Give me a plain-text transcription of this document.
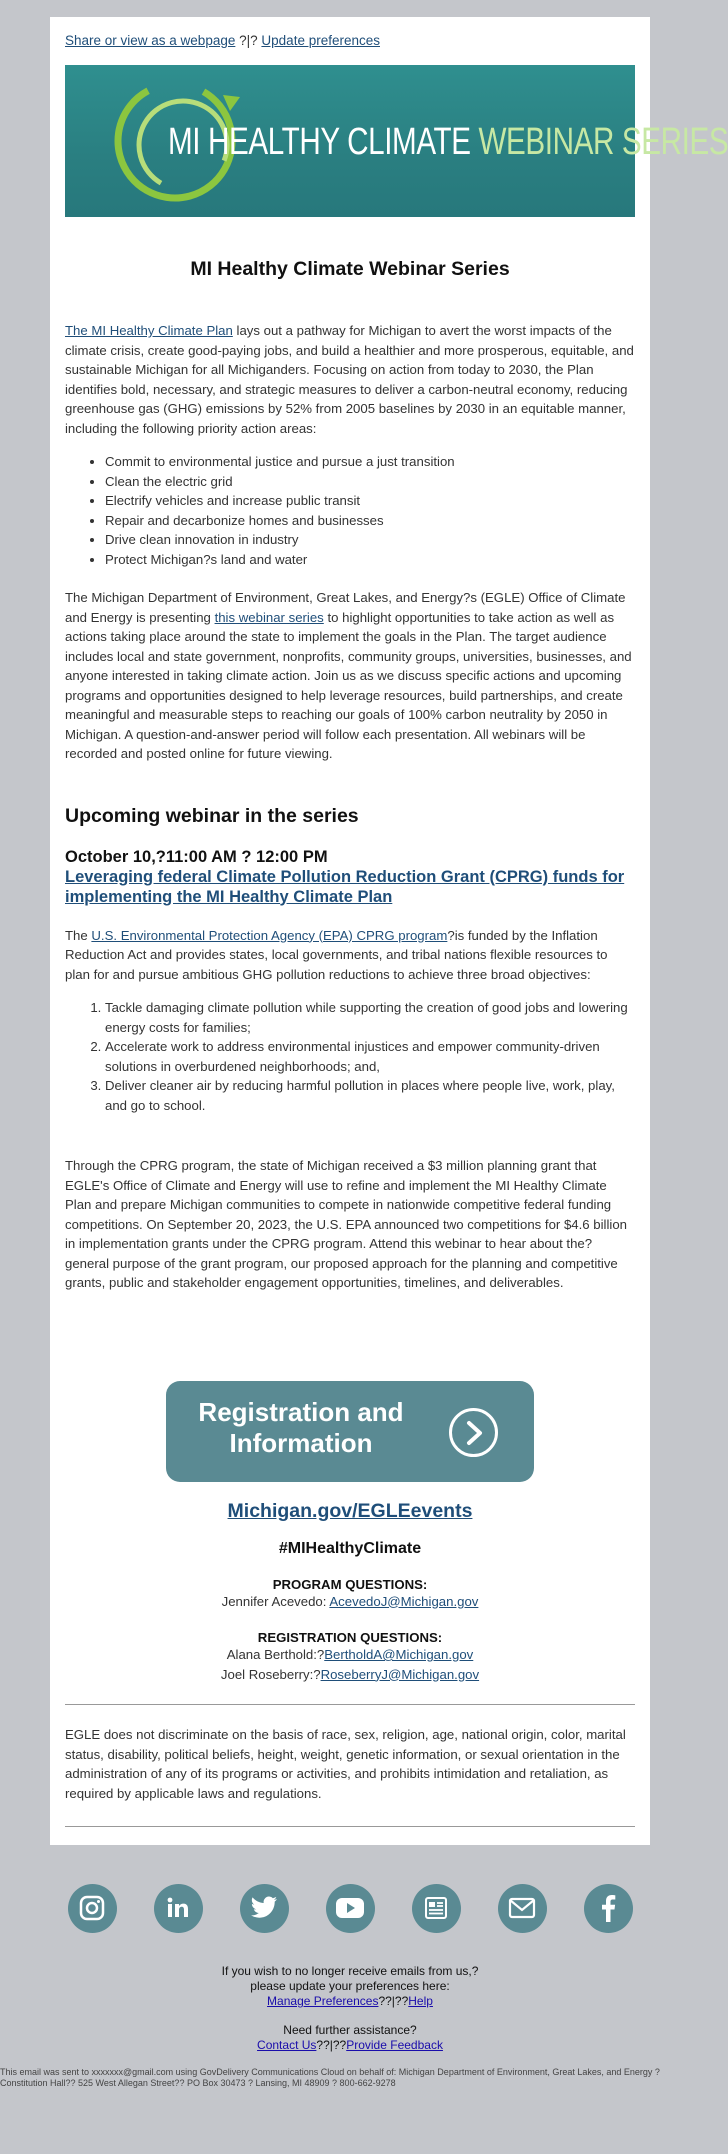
Share or view as a webpage ?|? Update preferences
MI HEALTHY CLIMATE WEBINAR SERIES
MI Healthy Climate Webinar Series

The MI Healthy Climate Plan lays out a pathway for Michigan to avert the worst impacts of the climate crisis, create good-paying jobs, and build a healthier and more prosperous, equitable, and sustainable Michigan for all Michiganders. Focusing on action from today to 2030, the Plan identifies bold, necessary, and strategic measures to deliver a carbon-neutral economy, reducing greenhouse gas (GHG) emissions by 52% from 2005 baselines by 2030 in an equitable manner, including the following priority action areas:

• Commit to environmental justice and pursue a just transition
• Clean the electric grid
• Electrify vehicles and increase public transit
• Repair and decarbonize homes and businesses
• Drive clean innovation in industry
• Protect Michigan?s land and water

The Michigan Department of Environment, Great Lakes, and Energy?s (EGLE) Office of Climate and Energy is presenting this webinar series to highlight opportunities to take action as well as actions taking place around the state to implement the goals in the Plan. The target audience includes local and state government, nonprofits, community groups, universities, businesses, and anyone interested in taking climate action. Join us as we discuss specific actions and upcoming programs and opportunities designed to help leverage resources, build partnerships, and create meaningful and measurable steps to reaching our goals of 100% carbon neutrality by 2050 in Michigan. A question-and-answer period will follow each presentation. All webinars will be recorded and posted online for future viewing.

Upcoming webinar in the series
October 10,?11:00 AM ? 12:00 PM
Leveraging federal Climate Pollution Reduction Grant (CPRG) funds for implementing the MI Healthy Climate Plan

The U.S. Environmental Protection Agency (EPA) CPRG program?is funded by the Inflation Reduction Act and provides states, local governments, and tribal nations flexible resources to plan for and pursue ambitious GHG pollution reductions to achieve three broad objectives:

1. Tackle damaging climate pollution while supporting the creation of good jobs and lowering energy costs for families;
2. Accelerate work to address environmental injustices and empower community-driven solutions in overburdened neighborhoods; and,
3. Deliver cleaner air by reducing harmful pollution in places where people live, work, play, and go to school.

Through the CPRG program, the state of Michigan received a $3 million planning grant that EGLE's Office of Climate and Energy will use to refine and implement the MI Healthy Climate Plan and prepare Michigan communities to compete in nationwide competitive federal funding competitions. On September 20, 2023, the U.S. EPA announced two competitions for $4.6 billion in implementation grants under the CPRG program. Attend this webinar to hear about the?general purpose of the grant program, our proposed approach for the planning and competitive grants, public and stakeholder engagement opportunities, timelines, and deliverables.

Registration and
Information
Michigan.gov/EGLEevents
#MIHealthyClimate
PROGRAM QUESTIONS:
Jennifer Acevedo: AcevedoJ@Michigan.gov
REGISTRATION QUESTIONS:
Alana Berthold:?BertholdA@Michigan.gov
Joel Roseberry:?RoseberryJ@Michigan.gov

EGLE does not discriminate on the basis of race, sex, religion, age, national origin, color, marital status, disability, political beliefs, height, weight, genetic information, or sexual orientation in the administration of any of its programs or activities, and prohibits intimidation and retaliation, as required by applicable laws and regulations.

If you wish to no longer receive emails from us,?
please update your preferences here:
Manage Preferences??|??Help
Need further assistance?
Contact Us??|??Provide Feedback
This email was sent to xxxxxxx@gmail.com using GovDelivery Communications Cloud on behalf of: Michigan Department of Environment, Great Lakes, and Energy ? Constitution Hall?? 525 West Allegan Street?? PO Box 30473 ? Lansing, MI 48909 ? 800-662-9278
